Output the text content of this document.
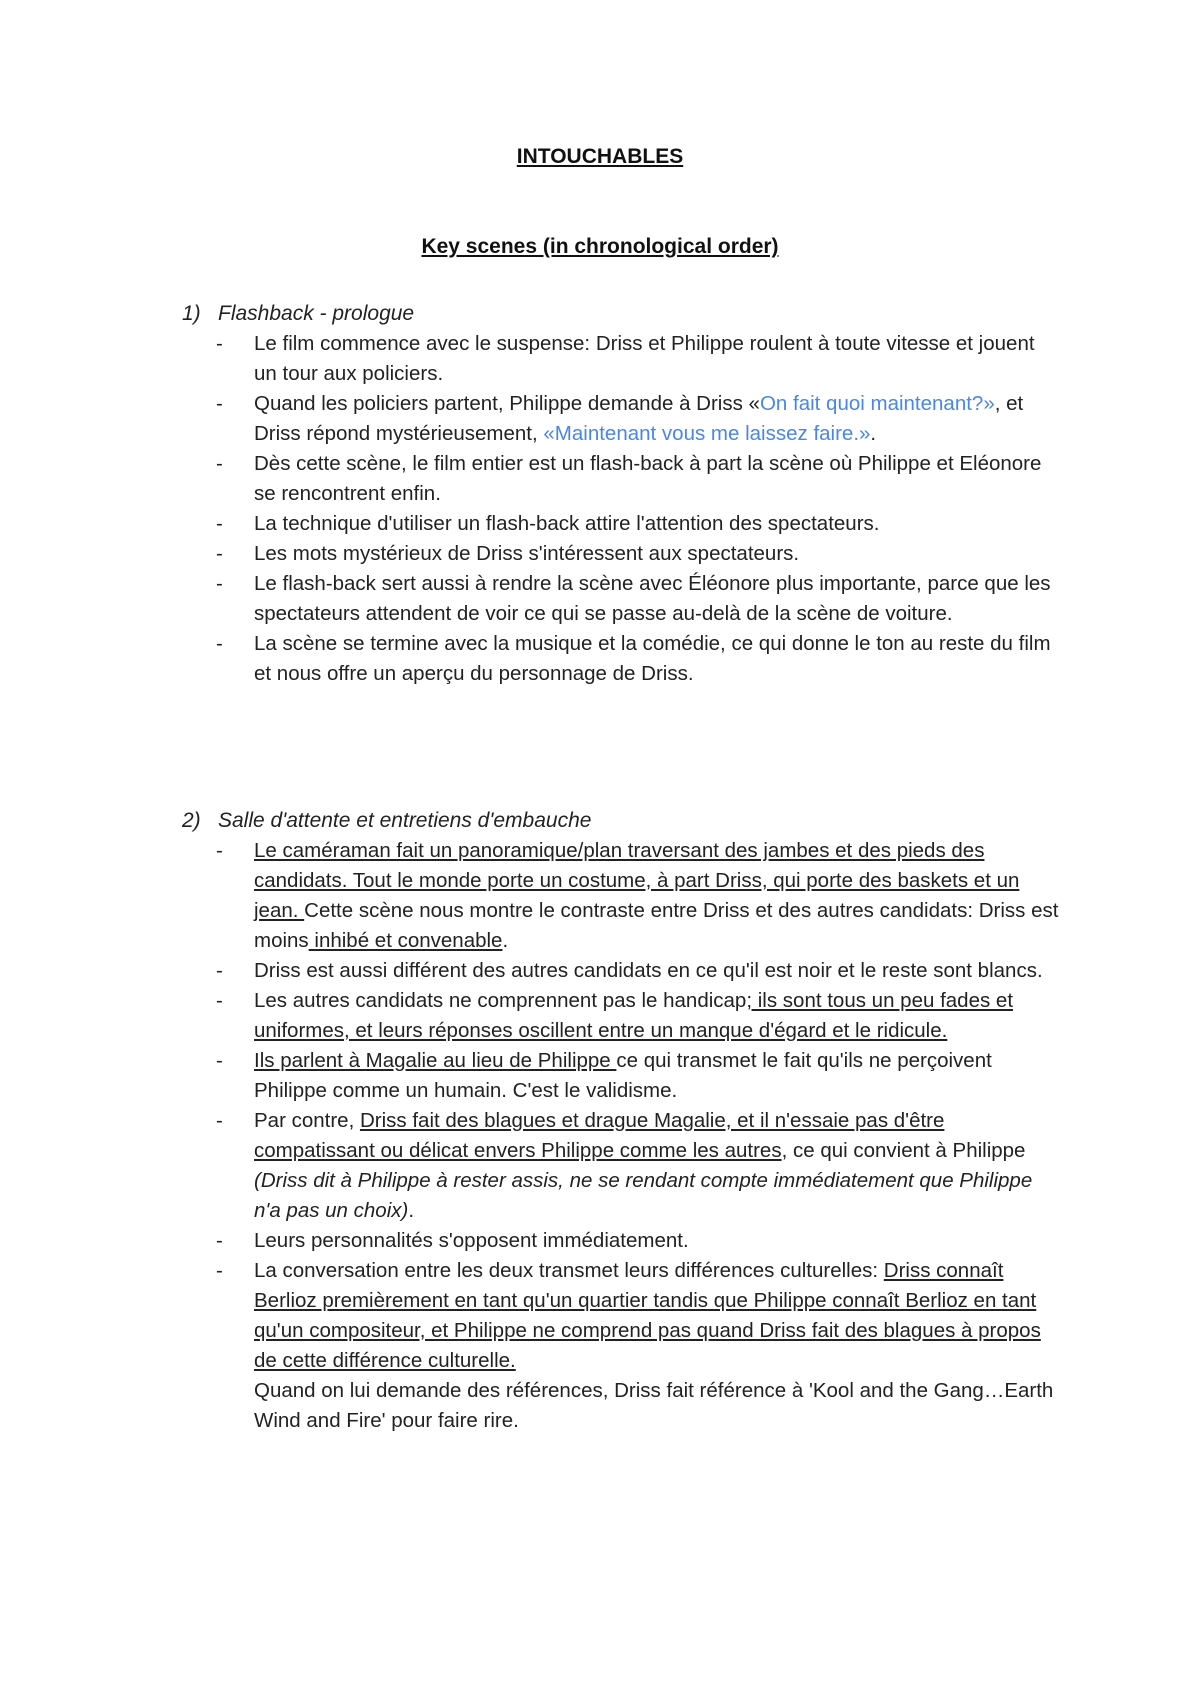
INTOUCHABLES
Key scenes (in chronological order)
1) Flashback - prologue
- Le film commence avec le suspense: Driss et Philippe roulent à toute vitesse et jouent un tour aux policiers.
- Quand les policiers partent, Philippe demande à Driss «On fait quoi maintenant?», et Driss répond mystérieusement, «Maintenant vous me laissez faire.».
- Dès cette scène, le film entier est un flash-back à part la scène où Philippe et Eléonore se rencontrent enfin.
- La technique d'utiliser un flash-back attire l'attention des spectateurs.
- Les mots mystérieux de Driss s'intéressent aux spectateurs.
- Le flash-back sert aussi à rendre la scène avec Éléonore plus importante, parce que les spectateurs attendent de voir ce qui se passe au-delà de la scène de voiture.
- La scène se termine avec la musique et la comédie, ce qui donne le ton au reste du film et nous offre un aperçu du personnage de Driss.
2) Salle d'attente et entretiens d'embauche
- Le caméraman fait un panoramique/plan traversant des jambes et des pieds des candidats. Tout le monde porte un costume, à part Driss, qui porte des baskets et un jean. Cette scène nous montre le contraste entre Driss et des autres candidats: Driss est moins inhibé et convenable.
- Driss est aussi différent des autres candidats en ce qu'il est noir et le reste sont blancs.
- Les autres candidats ne comprennent pas le handicap; ils sont tous un peu fades et uniformes, et leurs réponses oscillent entre un manque d'égard et le ridicule.
- Ils parlent à Magalie au lieu de Philippe ce qui transmet le fait qu'ils ne perçoivent Philippe comme un humain. C'est le validisme.
- Par contre, Driss fait des blagues et drague Magalie, et il n'essaie pas d'être compatissant ou délicat envers Philippe comme les autres, ce qui convient à Philippe (Driss dit à Philippe à rester assis, ne se rendant compte immédiatement que Philippe n'a pas un choix).
- Leurs personnalités s'opposent immédiatement.
- La conversation entre les deux transmet leurs différences culturelles: Driss connaît Berlioz premièrement en tant qu'un quartier tandis que Philippe connaît Berlioz en tant qu'un compositeur, et Philippe ne comprend pas quand Driss fait des blagues à propos de cette différence culturelle.
Quand on lui demande des références, Driss fait référence à 'Kool and the Gang…Earth Wind and Fire' pour faire rire.
